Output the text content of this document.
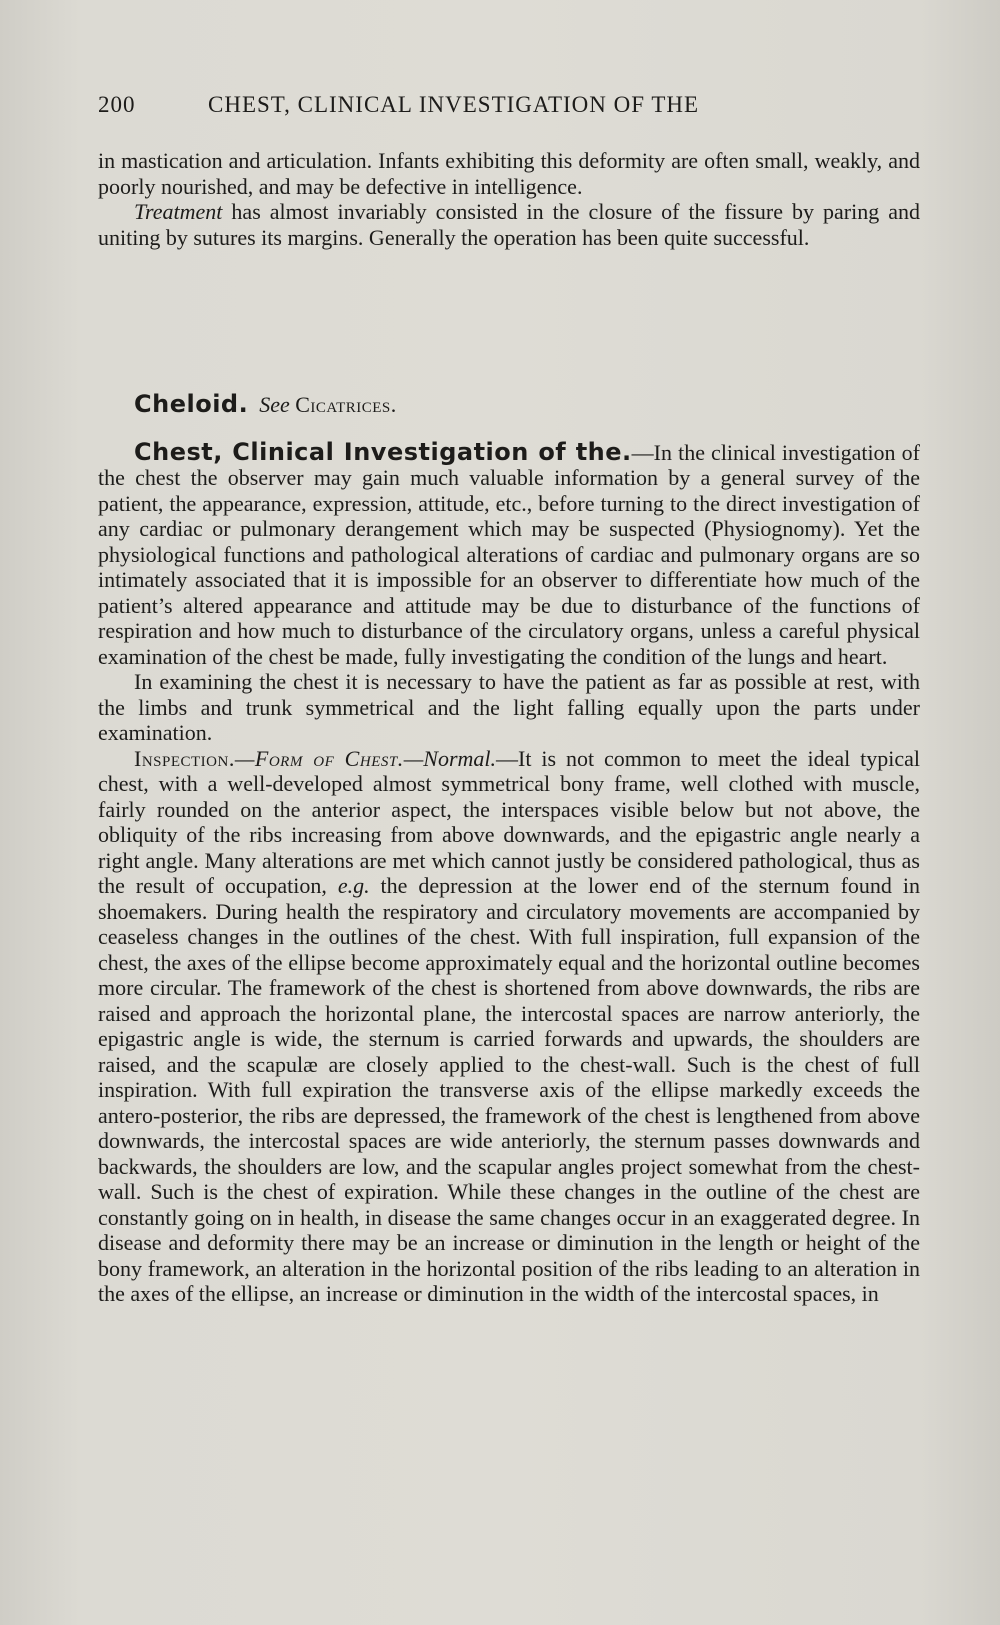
200	CHEST, CLINICAL INVESTIGATION OF THE

in mastication and articulation. Infants exhibiting this deformity are often small, weakly, and poorly nourished, and may be defective in intelligence.

Treatment has almost invariably consisted in the closure of the fissure by paring and uniting by sutures its margins. Generally the operation has been quite successful.

Cheloid. See Cicatrices.

Chest, Clinical Investigation of the.—In the clinical investigation of the chest the observer may gain much valuable information by a general survey of the patient, the appearance, expression, attitude, etc., before turning to the direct investigation of any cardiac or pulmonary derangement which may be suspected (Physiognomy). Yet the physiological functions and pathological alterations of cardiac and pulmonary organs are so intimately associated that it is impossible for an observer to differentiate how much of the patient’s altered appearance and attitude may be due to disturbance of the functions of respiration and how much to disturbance of the circulatory organs, unless a careful physical examination of the chest be made, fully investigating the condition of the lungs and heart.

In examining the chest it is necessary to have the patient as far as possible at rest, with the limbs and trunk symmetrical and the light falling equally upon the parts under examination.

Inspection.—Form of Chest.—Normal.—It is not common to meet the ideal typical chest, with a well-developed almost symmetrical bony frame, well clothed with muscle, fairly rounded on the anterior aspect, the interspaces visible below but not above, the obliquity of the ribs increasing from above downwards, and the epigastric angle nearly a right angle. Many alterations are met which cannot justly be considered pathological, thus as the result of occupation, e.g. the depression at the lower end of the sternum found in shoemakers. During health the respiratory and circulatory movements are accompanied by ceaseless changes in the outlines of the chest. With full inspiration, full expansion of the chest, the axes of the ellipse become approximately equal and the horizontal outline becomes more circular. The framework of the chest is shortened from above downwards, the ribs are raised and approach the horizontal plane, the intercostal spaces are narrow anteriorly, the epigastric angle is wide, the sternum is carried forwards and upwards, the shoulders are raised, and the scapulæ are closely applied to the chest-wall. Such is the chest of full inspiration. With full expiration the transverse axis of the ellipse markedly exceeds the antero-posterior, the ribs are depressed, the framework of the chest is lengthened from above downwards, the intercostal spaces are wide anteriorly, the sternum passes downwards and backwards, the shoulders are low, and the scapular angles project somewhat from the chest-wall. Such is the chest of expiration. While these changes in the outline of the chest are constantly going on in health, in disease the same changes occur in an exaggerated degree. In disease and deformity there may be an increase or diminution in the length or height of the bony framework, an alteration in the horizontal position of the ribs leading to an alteration in the axes of the ellipse, an increase or diminution in the width of the intercostal spaces, in
